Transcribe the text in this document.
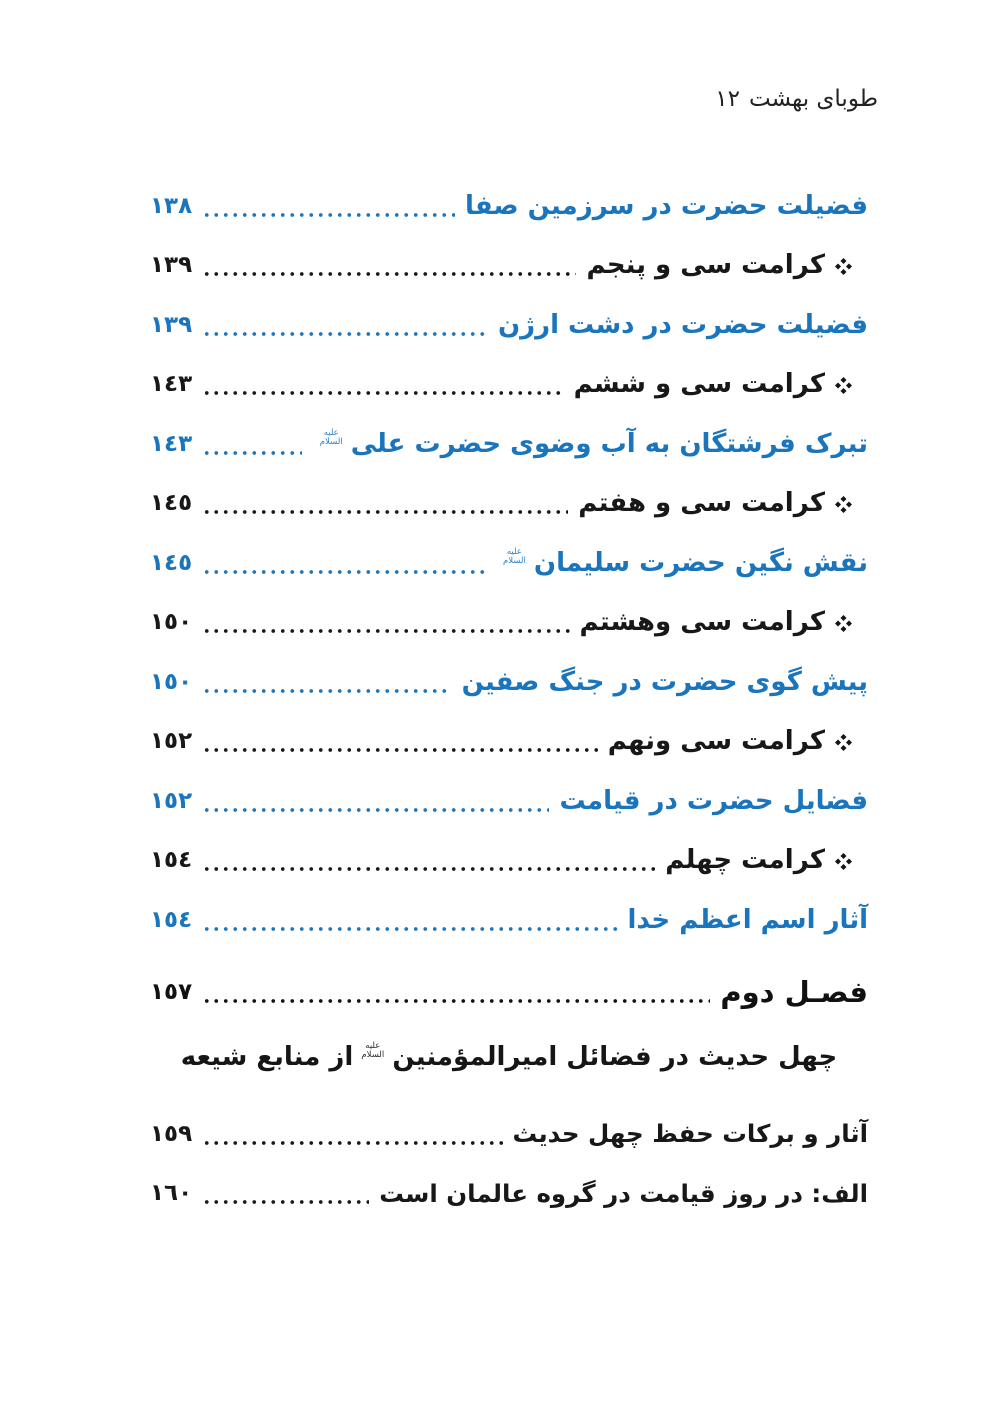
طوبای بهشت
١٢
فضیلت حضرت در سرزمین صفا
١٣٨
کرامت سی و پنجم
١٣٩
فضیلت حضرت در دشت ارژن
١٣٩
کرامت سی و ششم
١٤٣
تبرک فرشتگان به آب وضوی حضرت علی
عليه السلام
١٤٣
کرامت سی و هفتم
١٤٥
نقش نگین حضرت سلیمان
عليه السلام
١٤٥
کرامت سی وهشتم
١٥٠
پیش گوی حضرت در جنگ صفین
١٥٠
کرامت سی ونهم
١٥٢
فضایل حضرت در قیامت
١٥٢
کرامت چهلم
١٥٤
آثار اسم اعظم خدا
١٥٤
فصـل دوم
١٥٧
چهل حدیث در فضائل امیرالمؤمنین
عليه السلام
از منابع شیعه
آثار و برکات حفظ چهل حدیث
١٥٩
الف: در روز قیامت در گروه عالمان است
١٦٠
